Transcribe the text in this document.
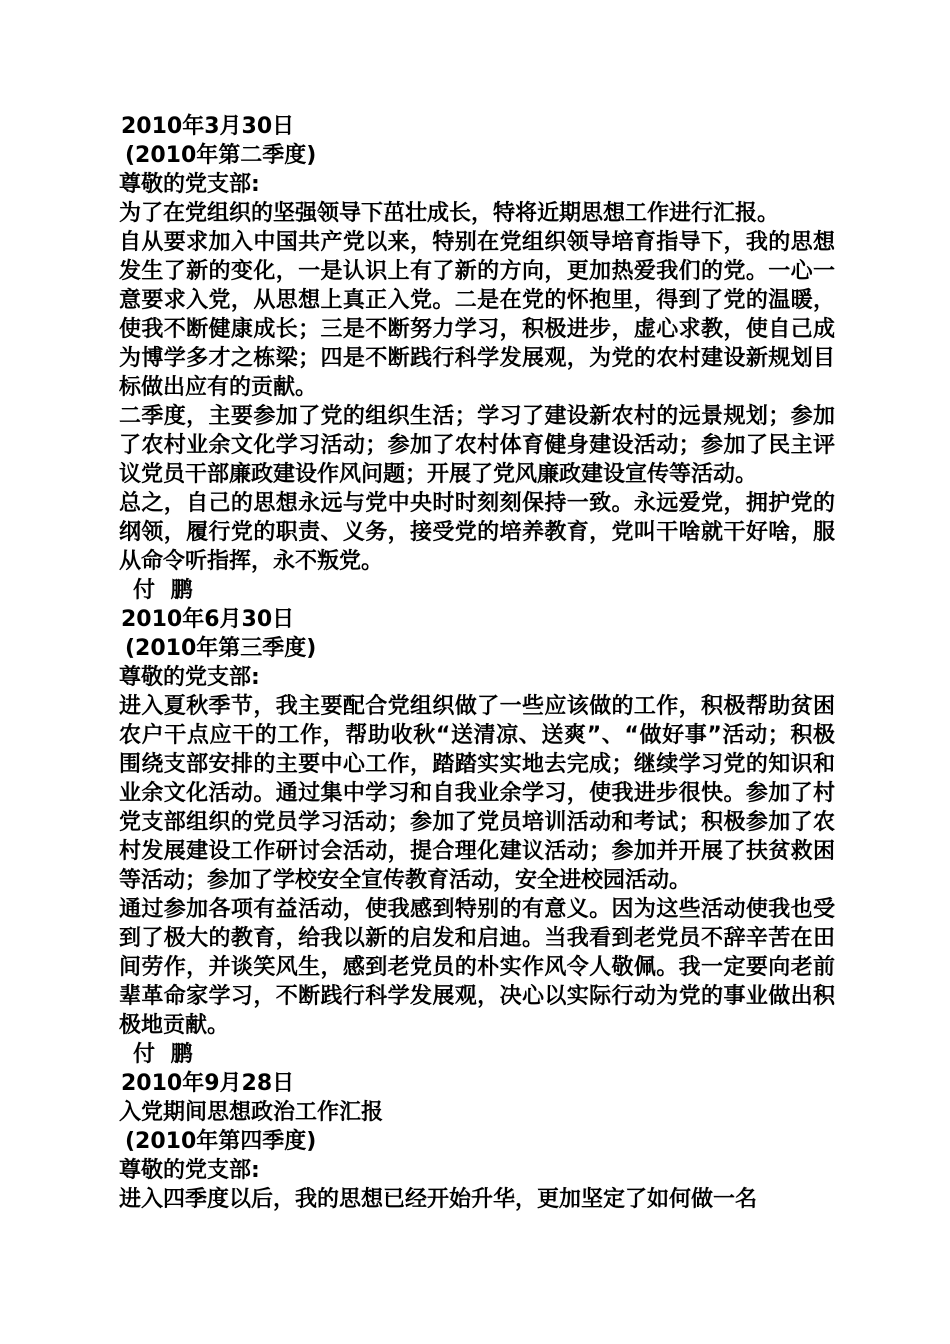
2010年3月30日
(2010年第二季度)
尊敬的党支部:
为了在党组织的坚强领导下茁壮成长，特将近期思想工作进行汇报。
自从要求加入中国共产党以来，特别在党组织领导培育指导下，我的思想发生了新的变化，一是认识上有了新的方向，更加热爱我们的党。一心一意要求入党，从思想上真正入党。二是在党的怀抱里，得到了党的温暖，使我不断健康成长；三是不断努力学习，积极进步，虚心求教，使自己成为博学多才之栋梁；四是不断践行科学发展观，为党的农村建设新规划目标做出应有的贡献。
二季度，主要参加了党的组织生活；学习了建设新农村的远景规划；参加了农村业余文化学习活动；参加了农村体育健身建设活动；参加了民主评议党员干部廉政建设作风问题；开展了党风廉政建设宣传等活动。
总之，自己的思想永远与党中央时时刻刻保持一致。永远爱党，拥护党的纲领，履行党的职责、义务，接受党的培养教育，党叫干啥就干好啥，服从命令听指挥，永不叛党。
付 鹏
2010年6月30日
(2010年第三季度)
尊敬的党支部:
进入夏秋季节，我主要配合党组织做了一些应该做的工作，积极帮助贫困农户干点应干的工作，帮助收秋“送清凉、送爽”、“做好事”活动；积极围绕支部安排的主要中心工作，踏踏实实地去完成；继续学习党的知识和业余文化活动。通过集中学习和自我业余学习，使我进步很快。参加了村党支部组织的党员学习活动；参加了党员培训活动和考试；积极参加了农村发展建设工作研讨会活动，提合理化建议活动；参加并开展了扶贫救困等活动；参加了学校安全宣传教育活动，安全进校园活动。
通过参加各项有益活动，使我感到特别的有意义。因为这些活动使我也受到了极大的教育，给我以新的启发和启迪。当我看到老党员不辞辛苦在田间劳作，并谈笑风生，感到老党员的朴实作风令人敬佩。我一定要向老前辈革命家学习，不断践行科学发展观，决心以实际行动为党的事业做出积极地贡献。
付 鹏
2010年9月28日
入党期间思想政治工作汇报
(2010年第四季度)
尊敬的党支部:
进入四季度以后，我的思想已经开始升华，更加坚定了如何做一名
